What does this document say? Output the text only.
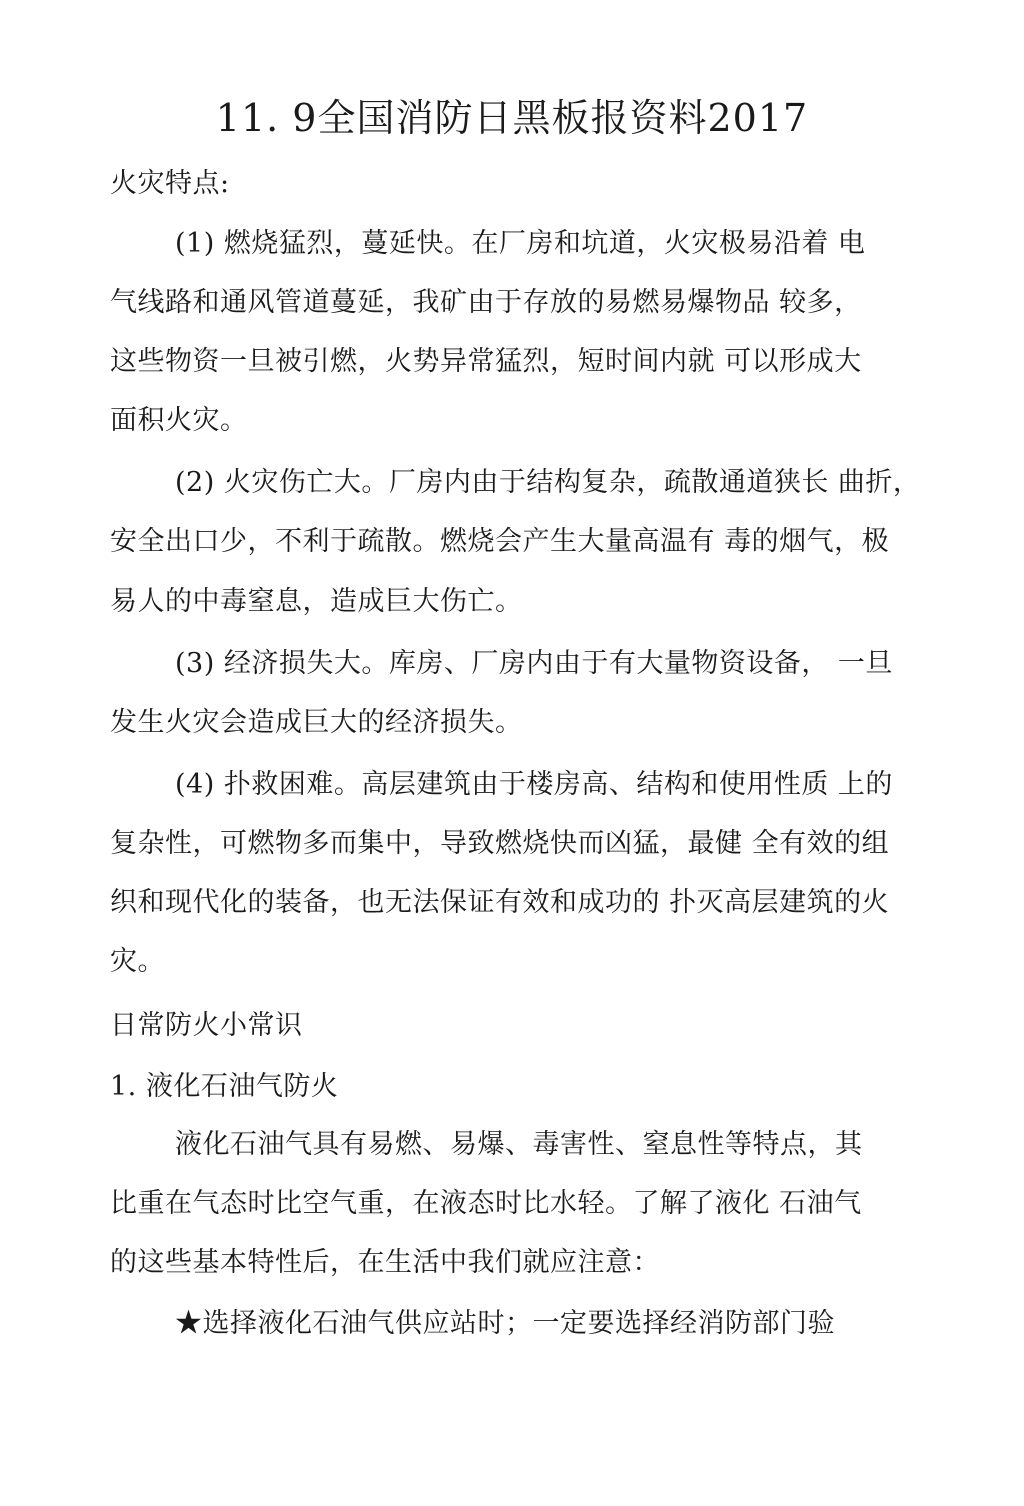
11. 9全国消防日黑板报资料2017
火灾特点:
(1) 燃烧猛烈，蔓延快。在厂房和坑道，火灾极易沿着 电
气线路和通风管道蔓延，我矿由于存放的易燃易爆物品 较多，
这些物资一旦被引燃，火势异常猛烈，短时间内就 可以形成大
面积火灾。
(2) 火灾伤亡大。厂房内由于结构复杂，疏散通道狭长 曲折，
安全出口少，不利于疏散。燃烧会产生大量高温有 毒的烟气，极
易人的中毒窒息，造成巨大伤亡。
(3) 经济损失大。库房、厂房内由于有大量物资设备， 一旦
发生火灾会造成巨大的经济损失。
(4) 扑救困难。高层建筑由于楼房高、结构和使用性质 上的
复杂性，可燃物多而集中，导致燃烧快而凶猛，最健 全有效的组
织和现代化的装备，也无法保证有效和成功的 扑灭高层建筑的火
灾。
日常防火小常识
1. 液化石油气防火
液化石油气具有易燃、易爆、毒害性、窒息性等特点，其
比重在气态时比空气重，在液态时比水轻。了解了液化 石油气
的这些基本特性后，在生活中我们就应注意：
★选择液化石油气供应站时；一定要选择经消防部门验
